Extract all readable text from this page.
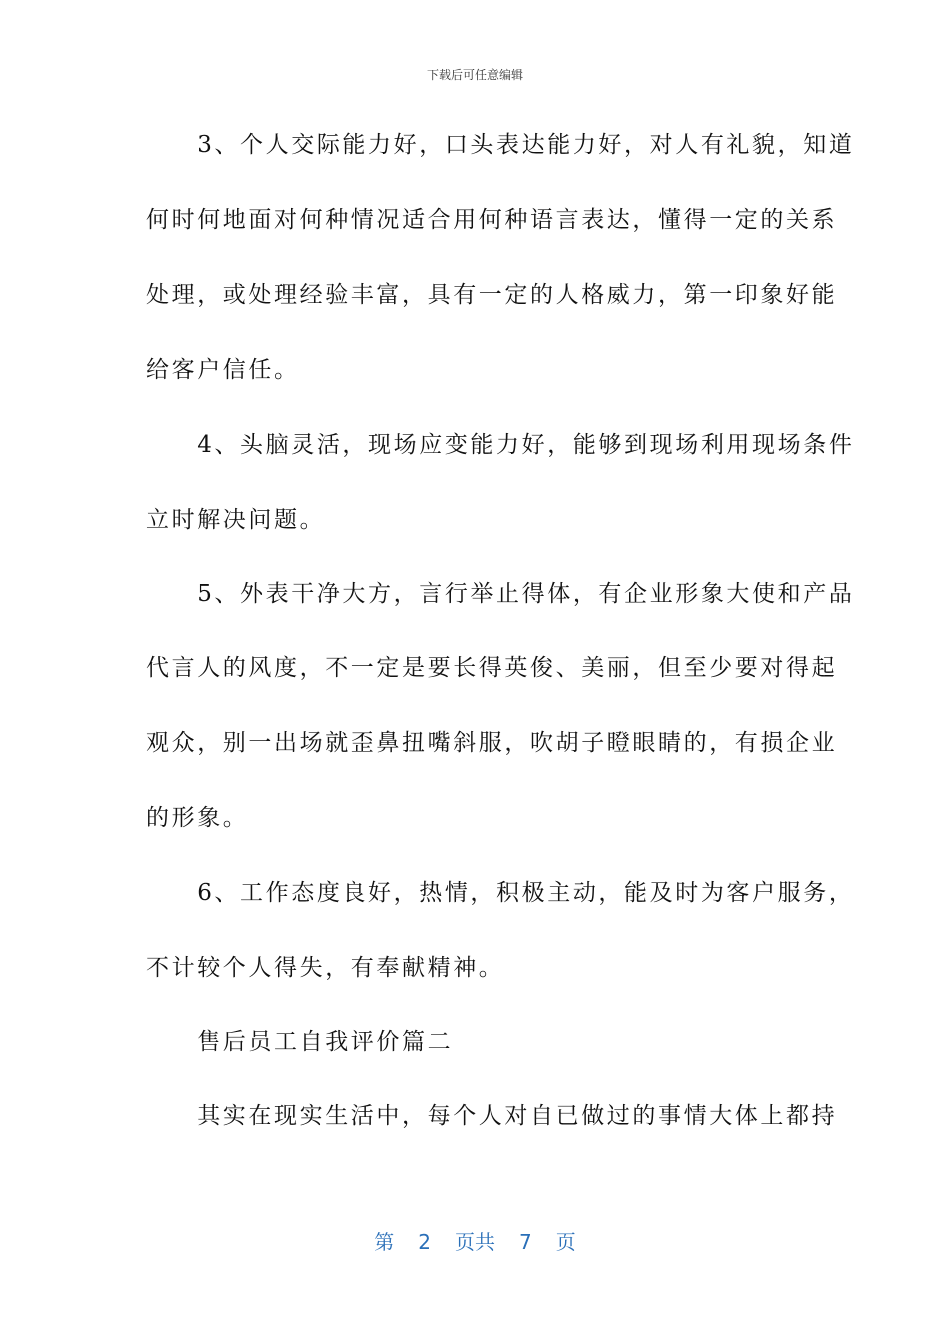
下载后可任意编辑
　　3、个人交际能力好，口头表达能力好，对人有礼貌，知道
何时何地面对何种情况适合用何种语言表达，懂得一定的关系
处理，或处理经验丰富，具有一定的人格威力，第一印象好能
给客户信任。
　　4、头脑灵活，现场应变能力好，能够到现场利用现场条件
立时解决问题。
　　5、外表干净大方，言行举止得体，有企业形象大使和产品
代言人的风度，不一定是要长得英俊、美丽，但至少要对得起
观众，别一出场就歪鼻扭嘴斜服，吹胡子瞪眼睛的，有损企业
的形象。
　　6、工作态度良好，热情，积极主动，能及时为客户服务，
不计较个人得失，有奉献精神。
　　售后员工自我评价篇二
　　其实在现实生活中，每个人对自已做过的事情大体上都持
第 2 页共 7 页
